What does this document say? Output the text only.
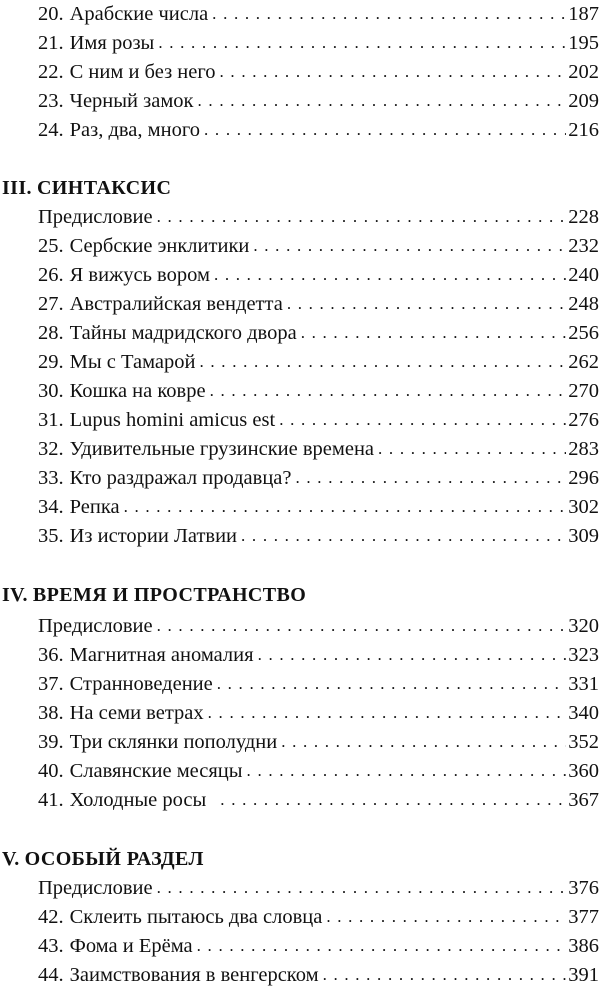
20. Арабские числа . . .	187
21. Имя розы . . .	195
22. С ним и без него . . .	202
23. Черный замок . . .	209
24. Раз, два, много . . .	216
III. СИНТАКСИС
Предисловие . . .	228
25. Сербские энклитики . . .	232
26. Я вижусь вором . . .	240
27. Австралийская вендетта . . .	248
28. Тайны мадридского двора . . .	256
29. Мы с Тамарой . . .	262
30. Кошка на ковре . . .	270
31. Lupus homini amicus est . . .	276
32. Удивительные грузинские времена . . .	283
33. Кто раздражал продавца? . . .	296
34. Репка . . .	302
35. Из истории Латвии . . .	309
IV. ВРЕМЯ И ПРОСТРАНСТВО
Предисловие . . .	320
36. Магнитная аномалия . . .	323
37. Странноведение . . .	331
38. На семи ветрах . . .	340
39. Три склянки пополудни . . .	352
40. Славянские месяцы . . .	360
41. Холодные росы . . .	367
V. ОСОБЫЙ РАЗДЕЛ
Предисловие . . .	376
42. Склеить пытаюсь два словца . . .	377
43. Фома и Ерёма . . .	386
44. Заимствования в венгерском . . .	391
